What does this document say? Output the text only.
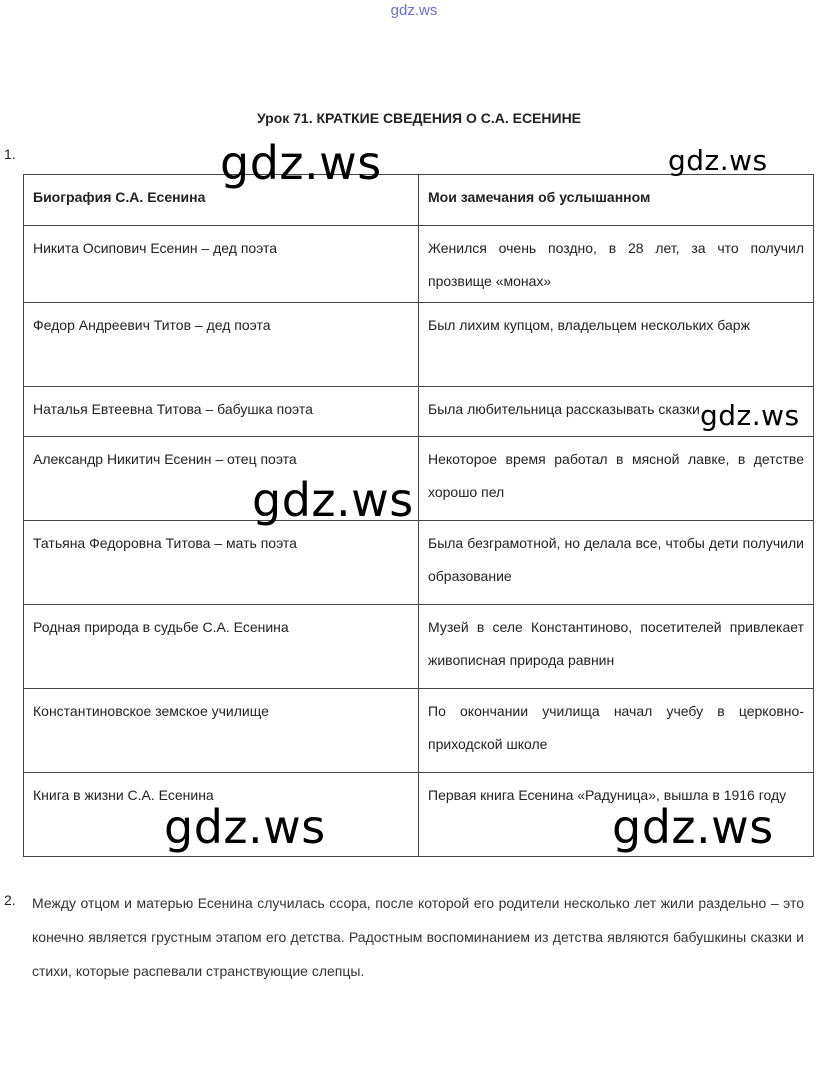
gdz.ws
Урок 71. КРАТКИЕ СВЕДЕНИЯ О С.А. ЕСЕНИНЕ
1.
Биография С.А. Есенина	Мои замечания об услышанном
Никита Осипович Есенин – дед поэта	Женился очень поздно, в 28 лет, за что получил прозвище «монах»
Федор Андреевич Титов – дед поэта	Был лихим купцом, владельцем нескольких барж
Наталья Евтеевна Титова – бабушка поэта	Была любительница рассказывать сказки
Александр Никитич Есенин – отец поэта	Некоторое время работал в мясной лавке, в детстве хорошо пел
Татьяна Федоровна Титова – мать поэта	Была безграмотной, но делала все, чтобы дети получили образование
Родная природа в судьбе С.А. Есенина	Музей в селе Константиново, посетителей привлекает живописная природа равнин
Константиновское земское училище	По окончании училища начал учебу в церковно-приходской школе
Книга в жизни С.А. Есенина	Первая книга Есенина «Радуница», вышла в 1916 году
2. Между отцом и матерью Есенина случилась ссора, после которой его родители несколько лет жили раздельно – это конечно является грустным этапом его детства. Радостным воспоминанием из детства являются бабушкины сказки и стихи, которые распевали странствующие слепцы.
gdz.ws	gdz.ws
gdz.ws
gdz.ws
gdz.ws	gdz.ws
